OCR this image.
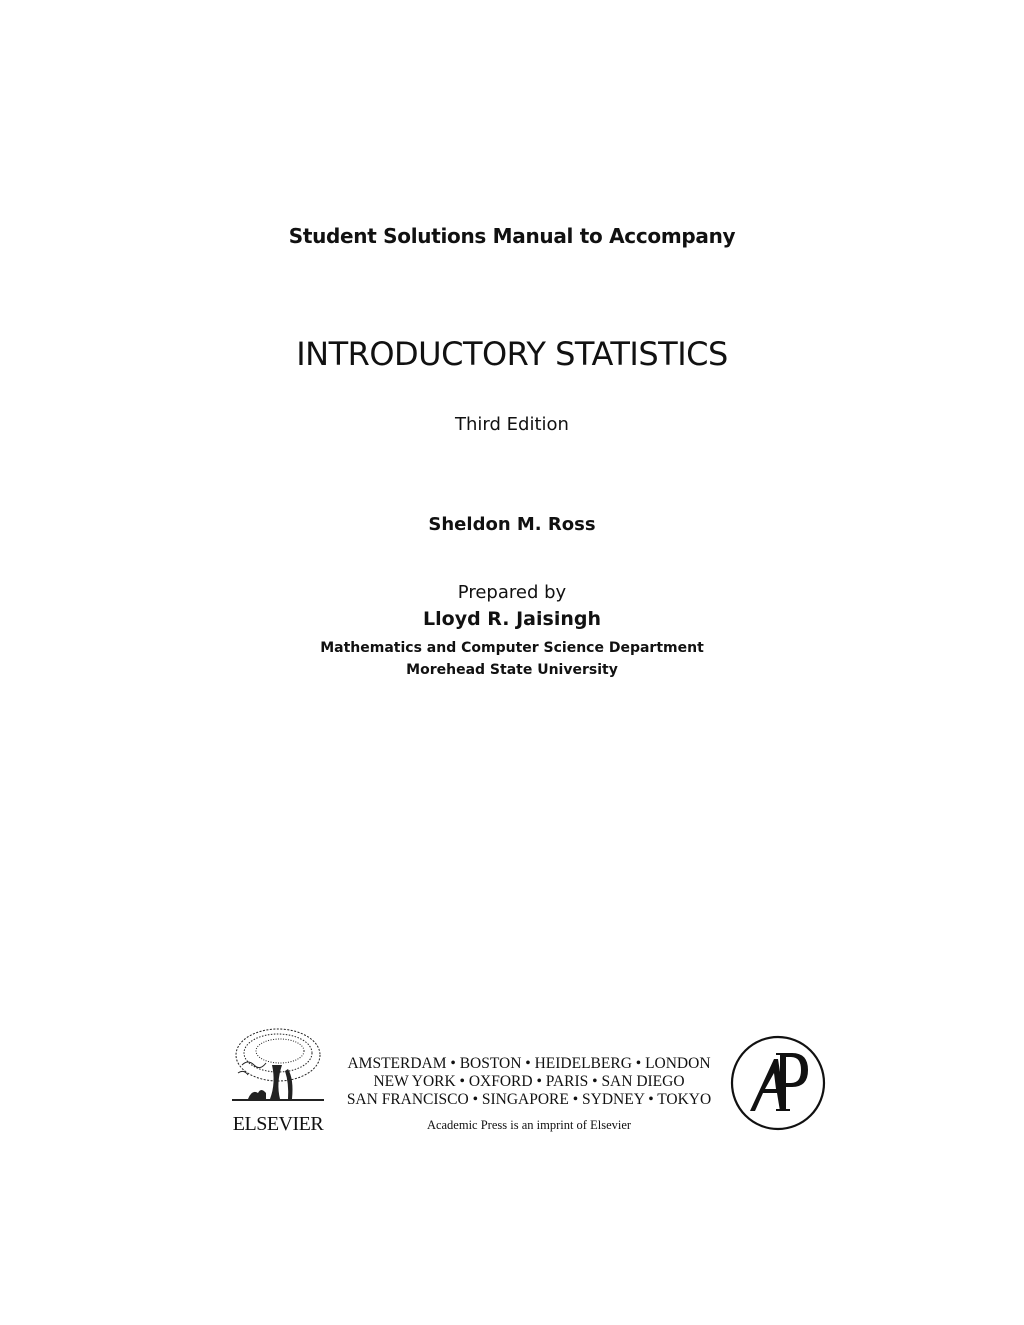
Student Solutions Manual to Accompany
INTRODUCTORY STATISTICS
Third Edition
Sheldon M. Ross
Prepared by
Lloyd R. Jaisingh
Mathematics and Computer Science Department
Morehead State University
ELSEVIER
AMSTERDAM • BOSTON • HEIDELBERG • LONDON
NEW YORK • OXFORD • PARIS • SAN DIEGO
SAN FRANCISCO • SINGAPORE • SYDNEY • TOKYO
Academic Press is an imprint of Elsevier
